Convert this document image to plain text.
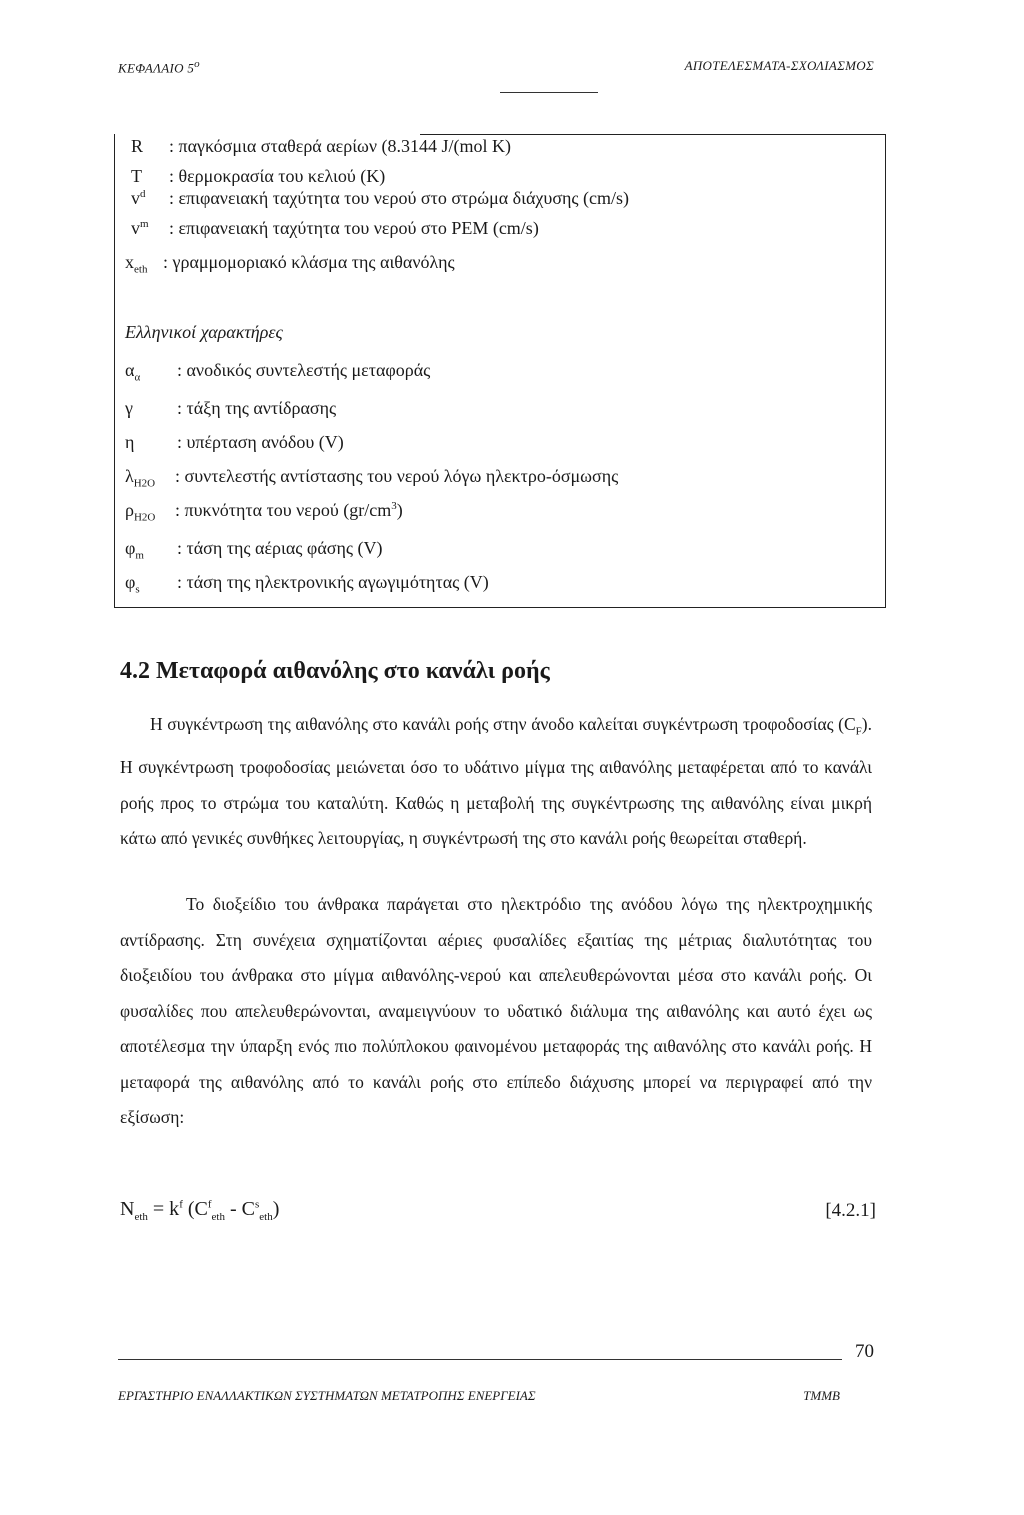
ΚΕΦΑΛΑΙΟ $5^o$	ΑΠΟΤΕΛΕΣΜΑΤΑ-ΣΧΟΛΙΑΣΜΟΣ
R : παγκόσμια σταθερά αερίων (8.3144 J/(mol K)
T : θερμοκρασία του κελιού (K)
$v^d$ : επιφανειακή ταχύτητα του νερού στο στρώμα διάχυσης (cm/s)
$v^m$ : επιφανειακή ταχύτητα του νερού στο PEM (cm/s)
$x_{eth}$ : γραμμομοριακό κλάσμα της αιθανόλης
Ελληνικοί χαρακτήρες
$\alpha_\alpha$ : ανοδικός συντελεστής μεταφοράς
γ : τάξη της αντίδρασης
η : υπέρταση ανόδου (V)
$\lambda_{H2O}$ : συντελεστής αντίστασης του νερού λόγω ηλεκτρο-όσμωσης
$\rho_{H2O}$ : πυκνότητα του νερού $(gr/cm^3)$
$\varphi_m$ : τάση της αέριας φάσης (V)
$\varphi_s$ : τάση της ηλεκτρονικής αγωγιμότητας (V)
4.2 Μεταφορά αιθανόλης στο κανάλι ροής

Η συγκέντρωση της αιθανόλης στο κανάλι ροής στην άνοδο καλείται συγκέντρωση τροφοδοσίας $(C_F)$. Η συγκέντρωση τροφοδοσίας μειώνεται όσο το υδάτινο μίγμα της αιθανόλης μεταφέρεται από το κανάλι ροής προς το στρώμα του καταλύτη. Καθώς η μεταβολή της συγκέντρωσης της αιθανόλης είναι μικρή κάτω από γενικές συνθήκες λειτουργίας, η συγκέντρωσή της στο κανάλι ροής θεωρείται σταθερή.

Το διοξείδιο του άνθρακα παράγεται στο ηλεκτρόδιο της ανόδου λόγω της ηλεκτροχημικής αντίδρασης. Στη συνέχεια σχηματίζονται αέριες φυσαλίδες εξαιτίας της μέτριας διαλυτότητας του διοξειδίου του άνθρακα στο μίγμα αιθανόλης-νερού και απελευθερώνονται μέσα στο κανάλι ροής. Οι φυσαλίδες που απελευθερώνονται, αναμειγνύουν το υδατικό διάλυμα της αιθανόλης και αυτό έχει ως αποτέλεσμα την ύπαρξη ενός πιο πολύπλοκου φαινομένου μεταφοράς της αιθανόλης στο κανάλι ροής. Η μεταφορά της αιθανόλης από το κανάλι ροής στο επίπεδο διάχυσης μπορεί να περιγραφεί από την εξίσωση:

$N_{eth} = k^f$ $(C^f_{eth} - C^s_{eth})$	[4.2.1]
70
ΕΡΓΑΣΤΗΡΙΟ ΕΝΑΛΛΑΚΤΙΚΩΝ ΣΥΣΤΗΜΑΤΩΝ ΜΕΤΑΤΡΟΠΗΣ ΕΝΕΡΓΕΙΑΣ	ΤΜΜΒ
